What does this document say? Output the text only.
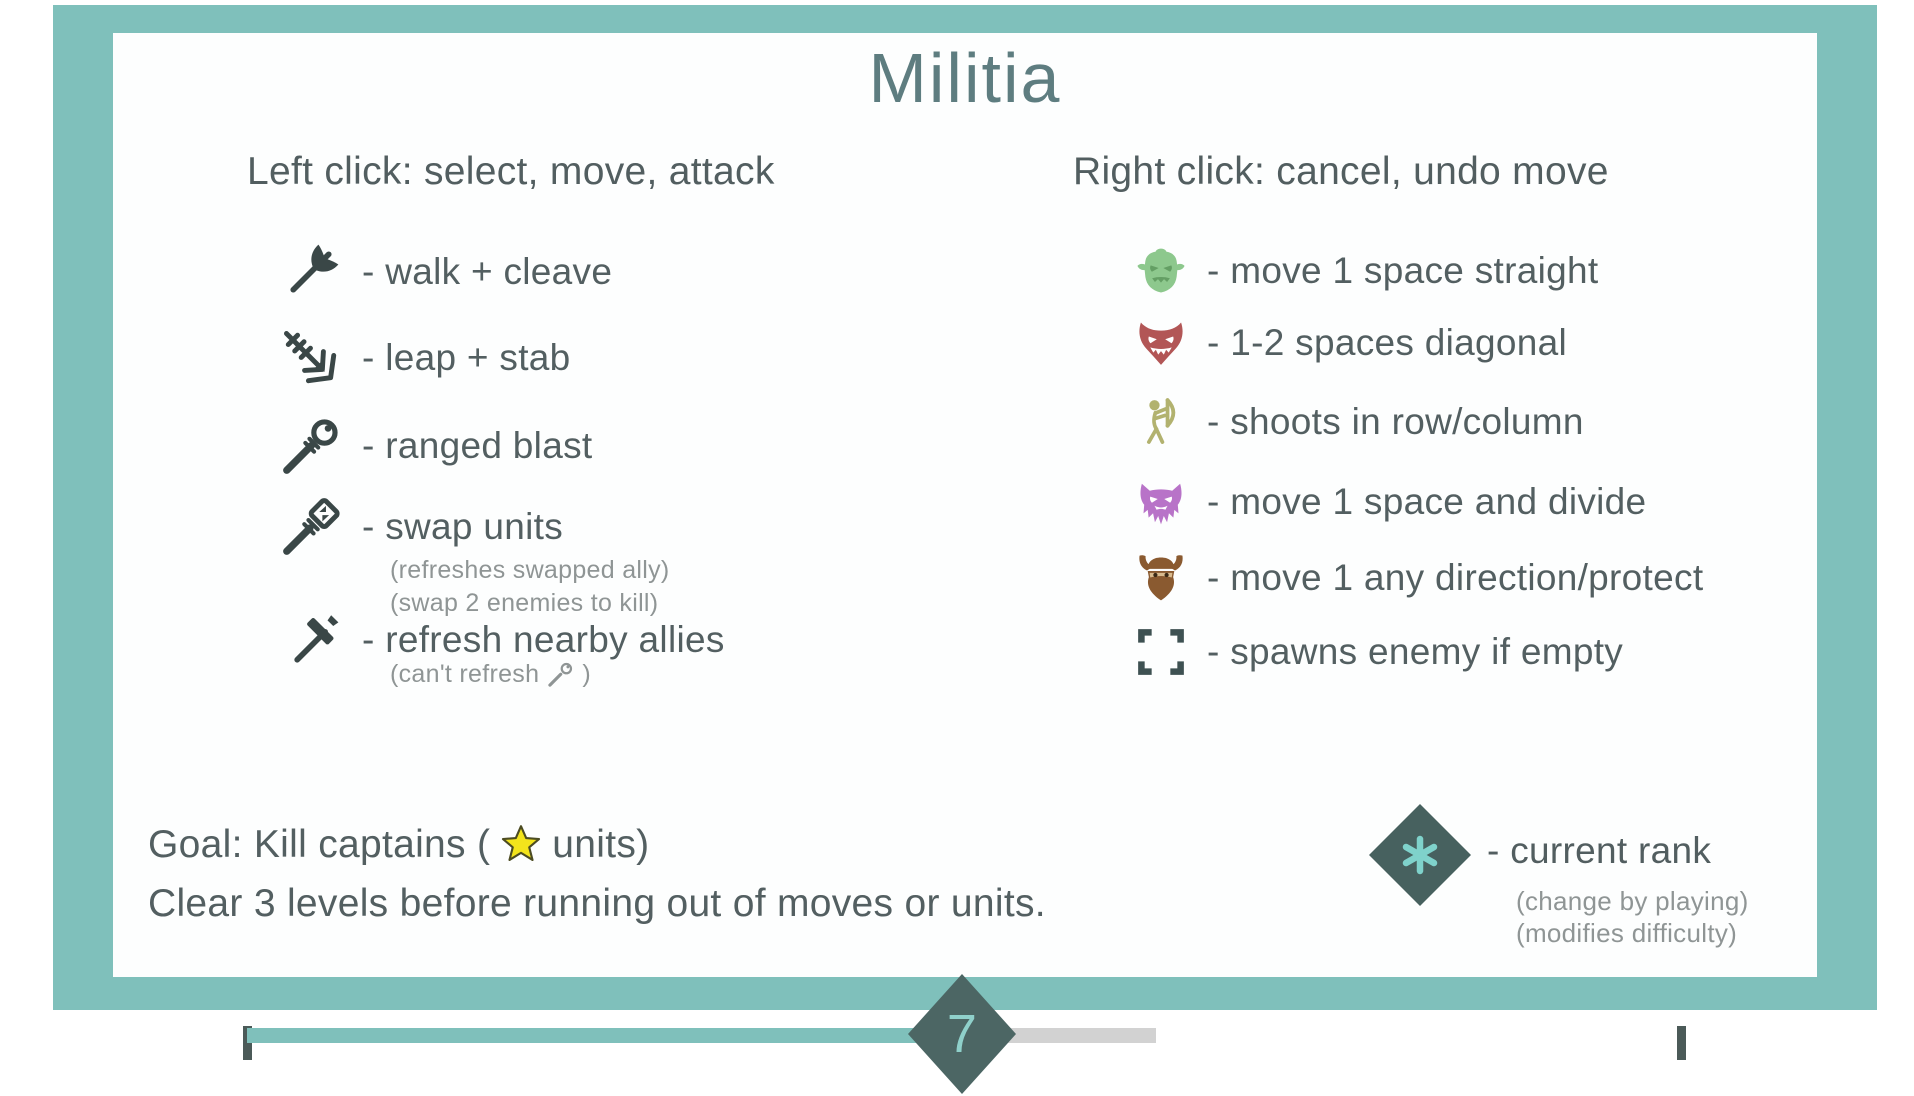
Militia
Left click: select, move, attack	Right click: cancel, undo move
- walk + cleave
- leap + stab
- ranged blast
- swap units
(refreshes swapped ally)
(swap 2 enemies to kill)
- refresh nearby allies
(can't refresh )
- move 1 space straight
- 1-2 spaces diagonal
- shoots in row/column
- move 1 space and divide
- move 1 any direction/protect
- spawns enemy if empty
Goal: Kill captains ( units)
Clear 3 levels before running out of moves or units.
- current rank
(change by playing)
(modifies difficulty)
7
